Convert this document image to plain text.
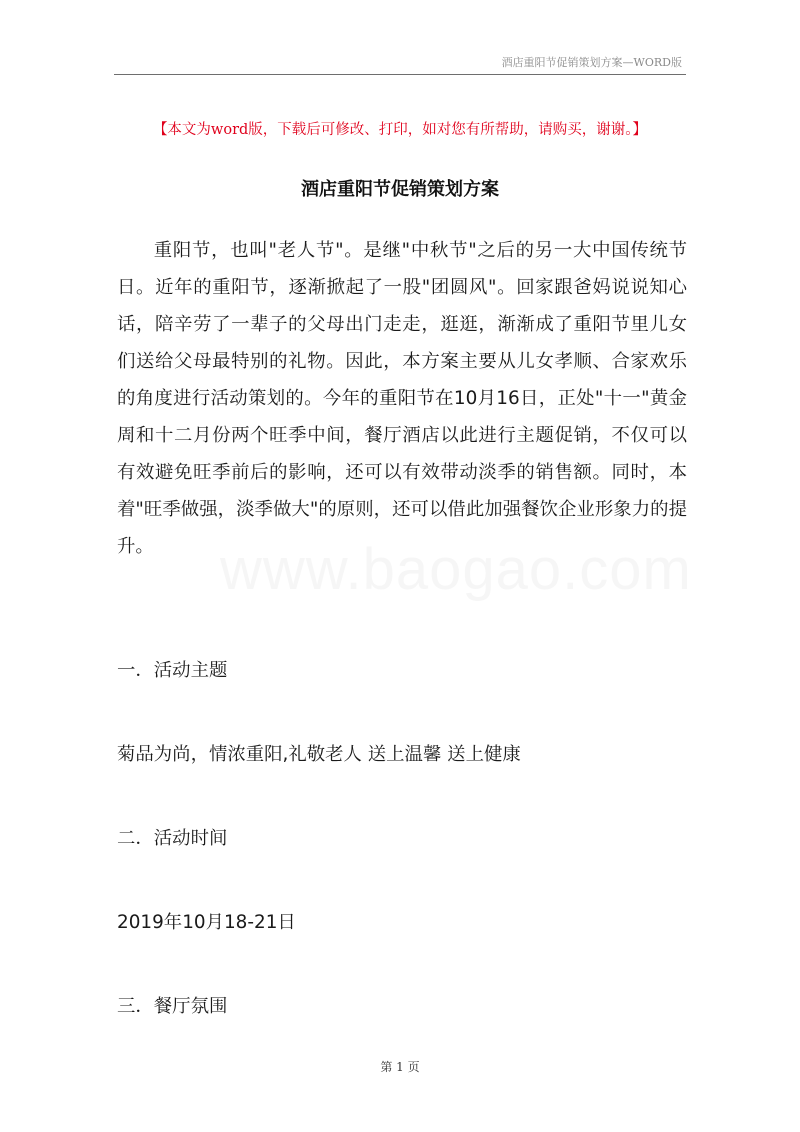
酒店重阳节促销策划方案—WORD版
【本文为word版，下载后可修改、打印，如对您有所帮助，请购买，谢谢。】
酒店重阳节促销策划方案
重阳节，也叫"老人节"。是继"中秋节"之后的另一大中国传统节日。近年的重阳节，逐渐掀起了一股"团圆风"。回家跟爸妈说说知心话，陪辛劳了一辈子的父母出门走走，逛逛，渐渐成了重阳节里儿女们送给父母最特别的礼物。因此，本方案主要从儿女孝顺、合家欢乐的角度进行活动策划的。今年的重阳节在10月16日，正处"十一"黄金周和十二月份两个旺季中间，餐厅酒店以此进行主题促销，不仅可以有效避免旺季前后的影响，还可以有效带动淡季的销售额。同时，本着"旺季做强，淡季做大"的原则，还可以借此加强餐饮企业形象力的提升。	www.baogao.com
一．活动主题
菊品为尚，情浓重阳,礼敬老人 送上温馨 送上健康
二．活动时间
2019年10月18-21日
三．餐厅氛围
第 1 页
